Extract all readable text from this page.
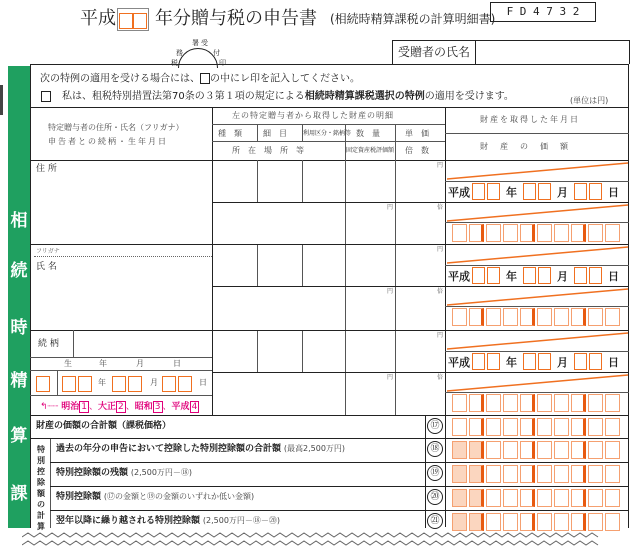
平成 年分贈与税の申告書 (相続時精算課税の計算明細書)
F D 4 7 3 2
税
務
署 受
付
印
受贈者の氏名
相
続
時
精
算
課
次の特例の適用を受ける場合には、 の中にレ印を記入してください。
私は、租税特別措置法第70条の３第１項の規定による相続時精算課税選択の特例の適用を受けます。	(単位は円)
特定贈与者の住所・氏名（フリガナ）
申告者との続柄・生年月日
左の特定贈与者から取得した財産の明細
種　類	細　目	利用区分・銘柄等 数　量	単　価
所　在　場　所　等	固定資産税評価額 倍　数
財産を取得した年月日
財　産　の　価　額
円
円	倍
平成	年	月	日
円
円	倍
平成	年	月	日
円
円	倍
平成	年	月	日
住 所
フリガナ
氏 名
続 柄
生	年	月	日
年	月	日
↰┈┈ 明治 1 、大正 2 、昭和 3 、平成 4
特別控除額の計算
財産の価額の合計額（課税価格）	⑰
過去の年分の申告において控除した特別控除額の合計額 (最高2,500万円)	⑱
特別控除額の残額 (2,500万円－⑱)	⑲
特別控除額 (⑰の金額と⑲の金額のいずれか低い金額)	⑳
翌年以降に繰り越される特別控除額 (2,500万円－⑱－⑳)	㉑
